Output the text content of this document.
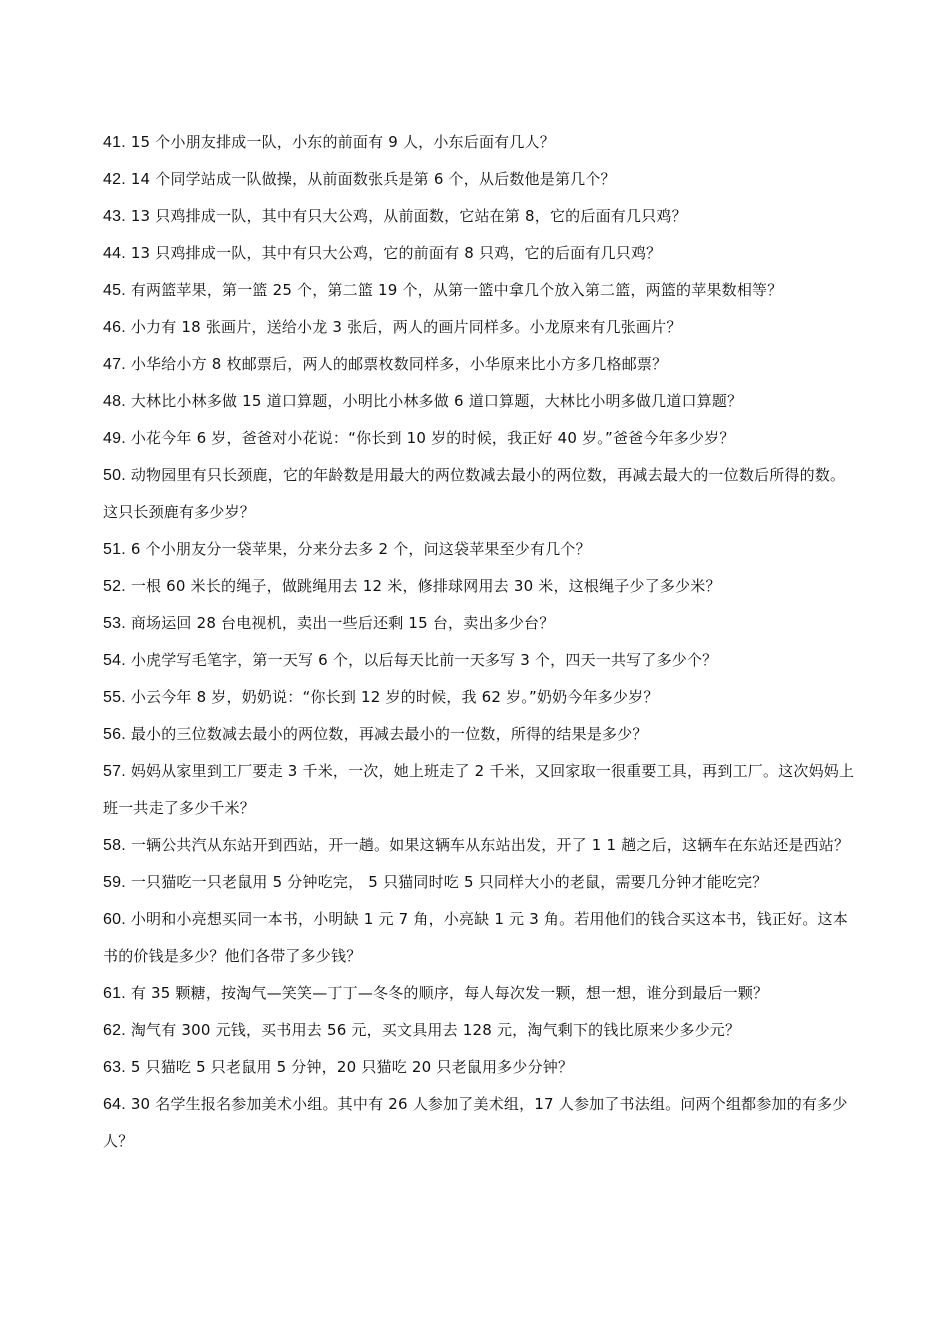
41. 15 个小朋友排成一队，小东的前面有 9 人，小东后面有几人？

42. 14 个同学站成一队做操，从前面数张兵是第 6 个，从后数他是第几个？

43. 13 只鸡排成一队，其中有只大公鸡，从前面数，它站在第 8，它的后面有几只鸡？

44. 13 只鸡排成一队，其中有只大公鸡，它的前面有 8 只鸡，它的后面有几只鸡？

45. 有两篮苹果，第一篮 25 个，第二篮 19 个，从第一篮中拿几个放入第二篮，两篮的苹果数相等？

46. 小力有 18 张画片，送给小龙 3 张后，两人的画片同样多。小龙原来有几张画片？

47. 小华给小方 8 枚邮票后，两人的邮票枚数同样多，小华原来比小方多几格邮票？

48. 大林比小林多做 15 道口算题，小明比小林多做 6 道口算题，大林比小明多做几道口算题？

49. 小花今年 6 岁，爸爸对小花说：“你长到 10 岁的时候，我正好 40 岁。”爸爸今年多少岁？

50. 动物园里有只长颈鹿，它的年龄数是用最大的两位数减去最小的两位数，再减去最大的一位数后所得的数。这只长颈鹿有多少岁？

51. 6 个小朋友分一袋苹果，分来分去多 2 个，问这袋苹果至少有几个？

52. 一根 60 米长的绳子，做跳绳用去 12 米，修排球网用去 30 米，这根绳子少了多少米？

53. 商场运回 28 台电视机，卖出一些后还剩 15 台，卖出多少台？

54. 小虎学写毛笔字，第一天写 6 个，以后每天比前一天多写 3 个，四天一共写了多少个？

55. 小云今年 8 岁，奶奶说：“你长到 12 岁的时候，我 62 岁。”奶奶今年多少岁？

56. 最小的三位数减去最小的两位数，再减去最小的一位数，所得的结果是多少？

57. 妈妈从家里到工厂要走 3 千米，一次，她上班走了 2 千米，又回家取一很重要工具，再到工厂。这次妈妈上班一共走了多少千米？

58. 一辆公共汽从东站开到西站，开一趟。如果这辆车从东站出发，开了 1 1 趟之后，这辆车在东站还是西站？

59. 一只猫吃一只老鼠用 5 分钟吃完， 5 只猫同时吃 5 只同样大小的老鼠，需要几分钟才能吃完？

60. 小明和小亮想买同一本书，小明缺 1 元 7 角，小亮缺 1 元 3 角。若用他们的钱合买这本书，钱正好。这本书的价钱是多少？他们各带了多少钱？

61. 有 35 颗糖，按淘气—笑笑—丁丁—冬冬的顺序，每人每次发一颗，想一想，谁分到最后一颗？

62. 淘气有 300 元钱，买书用去 56 元，买文具用去 128 元，淘气剩下的钱比原来少多少元？

63. 5 只猫吃 5 只老鼠用 5 分钟，20 只猫吃 20 只老鼠用多少分钟？

64. 30 名学生报名参加美术小组。其中有 26 人参加了美术组，17 人参加了书法组。问两个组都参加的有多少人？
